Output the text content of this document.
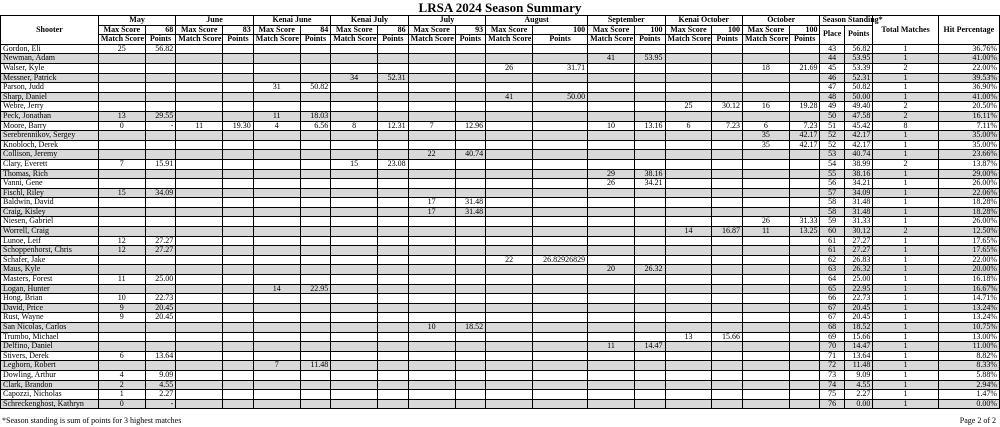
LRSA 2024 Season Summary
Shooter	May		June		Kenai June		Kenai July		July		August		September		Kenai October		October		Season Standing*		Total Matches	Hit Percentage
	Max Score	68	Max Score	83	Max Score	84	Max Score	86	Max Score	93	Max Score	100	Max Score	100	Max Score	100	Max Score	100	Place	Points		
	Match Score	Points	Match Score	Points	Match Score	Points	Match Score	Points	Match Score	Points	Match Score	Points	Match Score	Points	Match Score	Points	Match Score	Points				
Gordon, Eli	25	56.82																	43	56.82	1	36.76%
Newman, Adam													41	53.95					44	53.95	1	41.00%
Walser, Kyle											26	31.71					18	21.69	45	53.39	2	22.00%
Messner, Patrick							34	52.31											46	52.31	1	39.53%
Parson, Judd					31	50.82													47	50.82	1	36.90%
Sharp, Daniel											41	50.00							48	50.00	1	41.00%
Webre, Jerry															25	30.12	16	19.28	49	49.40	2	20.50%
Peck, Jonathan	13	29.55			11	18.03													50	47.58	2	16.11%
Moore, Barry	0	-	11	19.30	4	6.56	8	12.31	7	12.96			10	13.16	6	7.23	6	7.23	51	45.42	8	7.11%
Serebrennikov, Sergey																	35	42.17	52	42.17	1	35.00%
Knobloch, Derek																	35	42.17	52	42.17	1	35.00%
Collison, Jeremy									22	40.74									53	40.74	1	23.66%
Clary, Everett	7	15.91					15	23.08											54	38.99	2	13.87%
Thomas, Rich													29	38.16					55	38.16	1	29.00%
Vanni, Gene													26	34.21					56	34.21	1	26.00%
Fischl, Riley	15	34.09																	57	34.09	1	22.06%
Baldwin, David									17	31.48									58	31.48	1	18.28%
Craig, Kisley									17	31.48									58	31.48	1	18.28%
Niesen, Gabriel																	26	31.33	59	31.33	1	26.00%
Worrell, Craig															14	16.87	11	13.25	60	30.12	2	12.50%
Lunoe, Leif	12	27.27																	61	27.27	1	17.65%
Schoppenhorst, Chris	12	27.27																	61	27.27	1	17.65%
Schafer, Jake											22	26.82926829							62	26.83	1	22.00%
Maus, Kyle													20	26.32					63	26.32	1	20.00%
Masters, Forest	11	25.00																	64	25.00	1	16.18%
Logan, Hunter					14	22.95													65	22.95	1	16.67%
Hong, Brian	10	22.73																	66	22.73	1	14.71%
David, Price	9	20.45																	67	20.45	1	13.24%
Rust, Wayne	9	20.45																	67	20.45	1	13.24%
San Nicolas, Carlos									10	18.52									68	18.52	1	10.75%
Trumbo, Michael															13	15.66			69	15.66	1	13.00%
Delfino, Daniel													11	14.47					70	14.47	1	11.00%
Stivers, Derek	6	13.64																	71	13.64	1	8.82%
Leghorn, Robert					7	11.48													72	11.48	1	8.33%
Dowling, Arthur	4	9.09																	73	9.09	1	5.88%
Clark, Brandon	2	4.55																	74	4.55	1	2.94%
Capozzi, Nicholas	1	2.27																	75	2.27	1	1.47%
Schreckenghost, Kathryn	0	-																	76	0.00	1	0.00%
*Season standing is sum of points for 3 highest matches	Page 2 of 2
